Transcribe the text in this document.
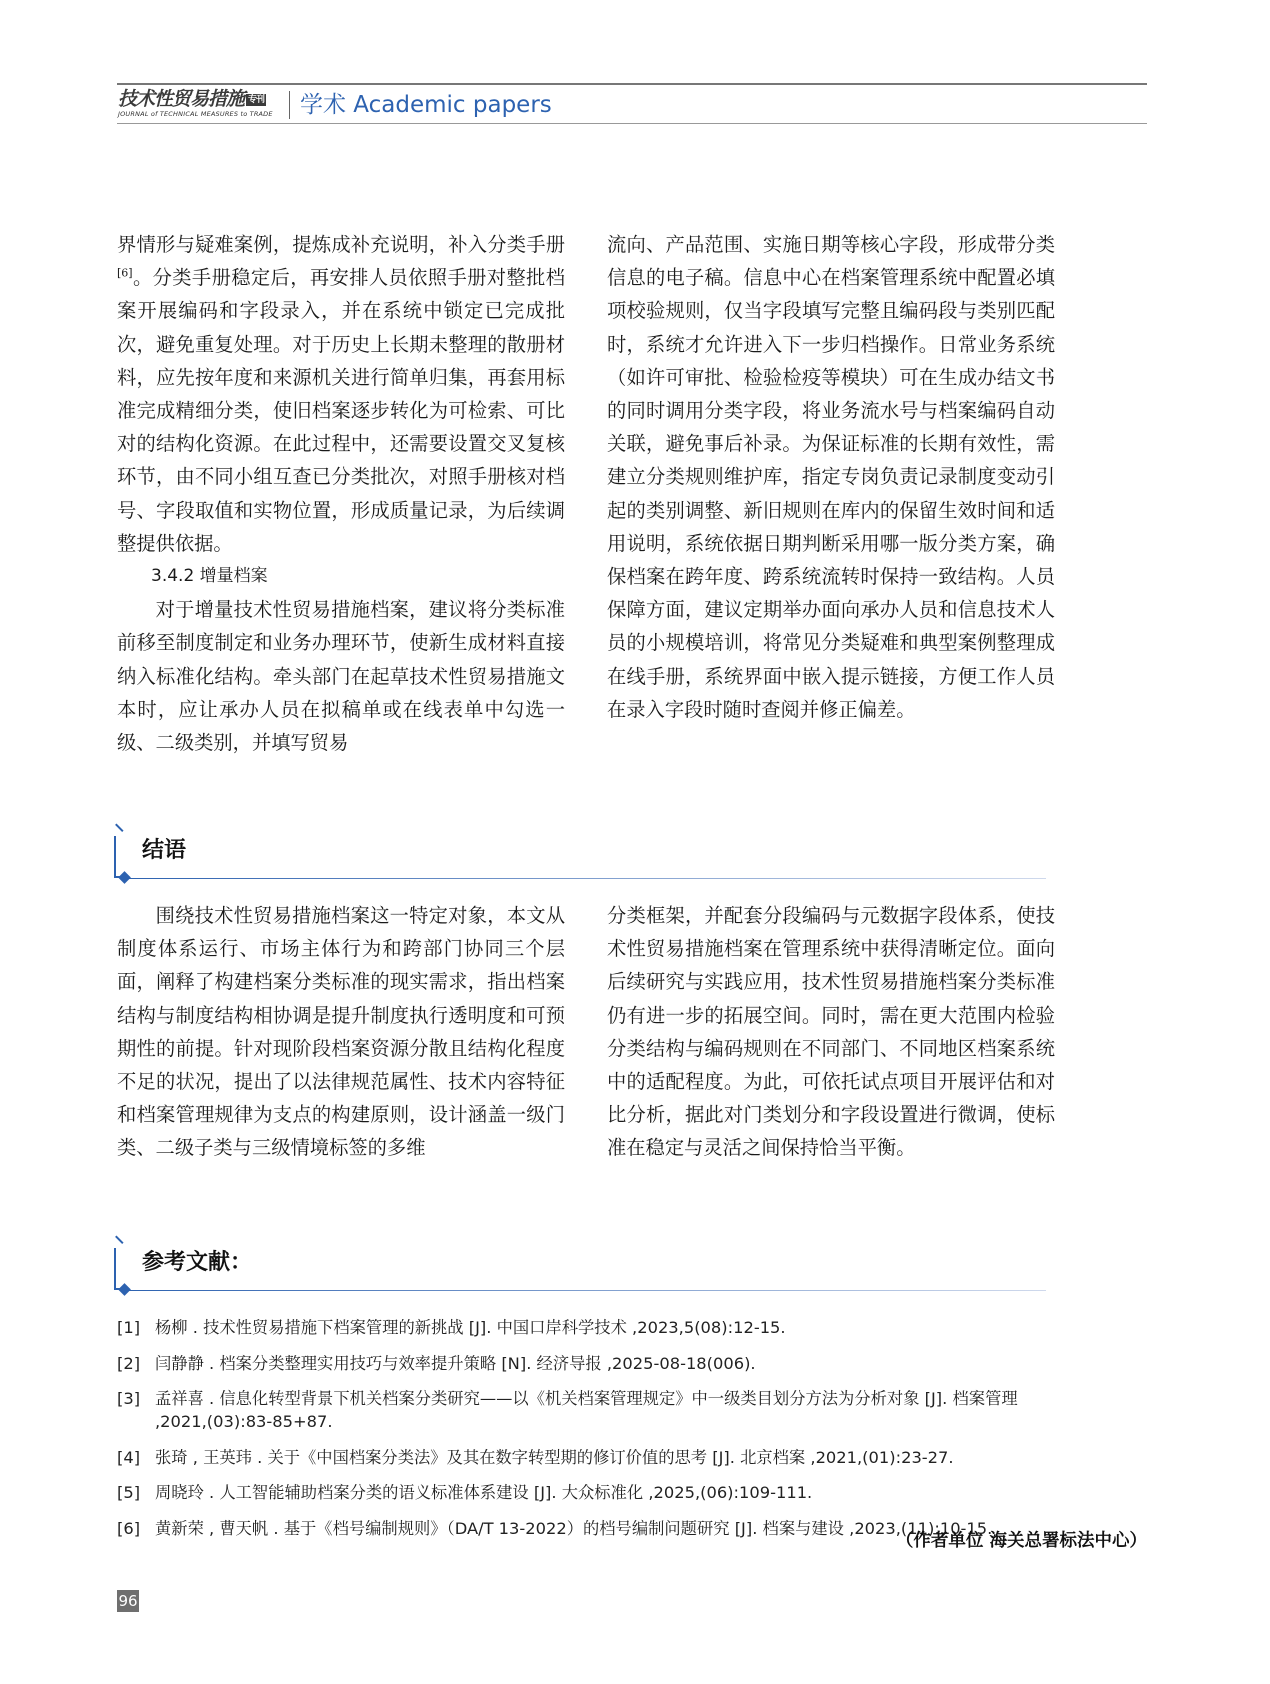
技术性贸易措施 专刊
JOURNAL of TECHNICAL MEASURES to TRADE	学术 Academic papers

界情形与疑难案例，提炼成补充说明，补入分类手册[6]。分类手册稳定后，再安排人员依照手册对整批档案开展编码和字段录入，并在系统中锁定已完成批次，避免重复处理。对于历史上长期未整理的散册材料，应先按年度和来源机关进行简单归集，再套用标准完成精细分类，使旧档案逐步转化为可检索、可比对的结构化资源。在此过程中，还需要设置交叉复核环节，由不同小组互查已分类批次，对照手册核对档号、字段取值和实物位置，形成质量记录，为后续调整提供依据。

3.4.2 增量档案

对于增量技术性贸易措施档案，建议将分类标准前移至制度制定和业务办理环节，使新生成材料直接纳入标准化结构。牵头部门在起草技术性贸易措施文本时，应让承办人员在拟稿单或在线表单中勾选一级、二级类别，并填写贸易

流向、产品范围、实施日期等核心字段，形成带分类信息的电子稿。信息中心在档案管理系统中配置必填项校验规则，仅当字段填写完整且编码段与类别匹配时，系统才允许进入下一步归档操作。日常业务系统（如许可审批、检验检疫等模块）可在生成办结文书的同时调用分类字段，将业务流水号与档案编码自动关联，避免事后补录。为保证标准的长期有效性，需建立分类规则维护库，指定专岗负责记录制度变动引起的类别调整、新旧规则在库内的保留生效时间和适用说明，系统依据日期判断采用哪一版分类方案，确保档案在跨年度、跨系统流转时保持一致结构。人员保障方面，建议定期举办面向承办人员和信息技术人员的小规模培训，将常见分类疑难和典型案例整理成在线手册，系统界面中嵌入提示链接，方便工作人员在录入字段时随时查阅并修正偏差。

结语

围绕技术性贸易措施档案这一特定对象，本文从制度体系运行、市场主体行为和跨部门协同三个层面，阐释了构建档案分类标准的现实需求，指出档案结构与制度结构相协调是提升制度执行透明度和可预期性的前提。针对现阶段档案资源分散且结构化程度不足的状况，提出了以法律规范属性、技术内容特征和档案管理规律为支点的构建原则，设计涵盖一级门类、二级子类与三级情境标签的多维

分类框架，并配套分段编码与元数据字段体系，使技术性贸易措施档案在管理系统中获得清晰定位。面向后续研究与实践应用，技术性贸易措施档案分类标准仍有进一步的拓展空间。同时，需在更大范围内检验分类结构与编码规则在不同部门、不同地区档案系统中的适配程度。为此，可依托试点项目开展评估和对比分析，据此对门类划分和字段设置进行微调，使标准在稳定与灵活之间保持恰当平衡。

参考文献：
[1] 杨柳 . 技术性贸易措施下档案管理的新挑战 [J]. 中国口岸科学技术 ,2023,5(08):12-15.
[2] 闫静静 . 档案分类整理实用技巧与效率提升策略 [N]. 经济导报 ,2025-08-18(006).
[3] 孟祥喜 . 信息化转型背景下机关档案分类研究——以《机关档案管理规定》中一级类目划分方法为分析对象 [J]. 档案管理 ,2021,(03):83-85+87.
[4] 张琦 , 王英玮 . 关于《中国档案分类法》及其在数字转型期的修订价值的思考 [J]. 北京档案 ,2021,(01):23-27.
[5] 周晓玲 . 人工智能辅助档案分类的语义标准体系建设 [J]. 大众标准化 ,2025,(06):109-111.
[6] 黄新荣 , 曹天帆 . 基于《档号编制规则》（DA/T 13-2022）的档号编制问题研究 [J]. 档案与建设 ,2023,(11):10-15.
（作者单位 海关总署标法中心）
96
